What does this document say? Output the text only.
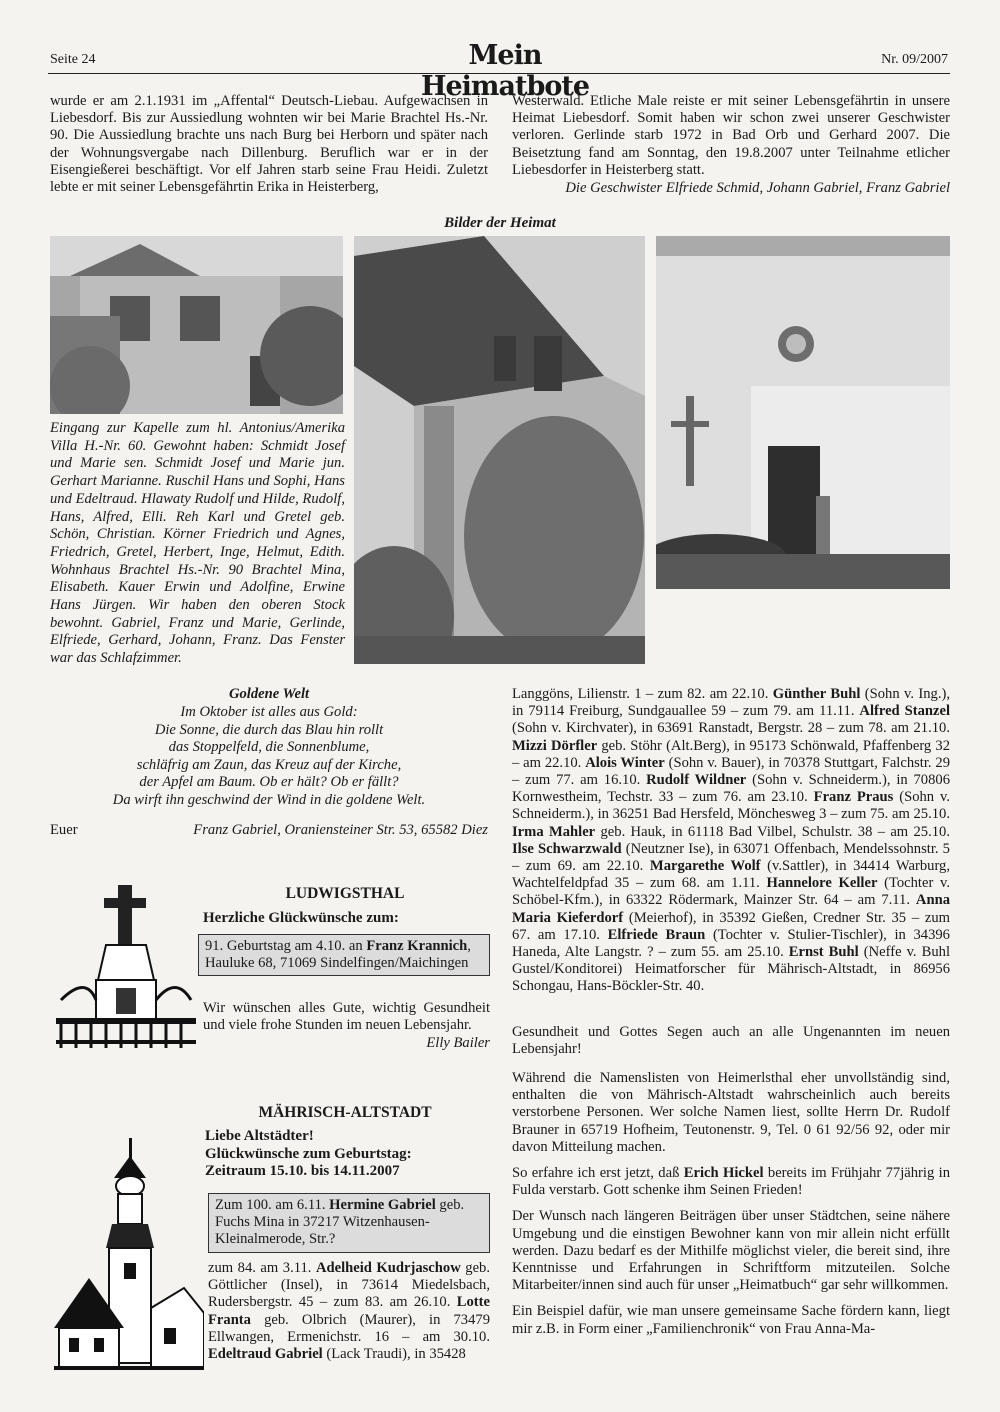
Seite 24	Mein Heimatbote
Nr. 09/2007
wurde er am 2.1.1931 im „Affental“ Deutsch-Liebau. Aufgewachsen in Liebesdorf. Bis zur Aussiedlung wohnten wir bei Marie Brachtel Hs.-Nr. 90. Die Aussiedlung brachte uns nach Burg bei Herborn und später nach der Wohnungsvergabe nach Dillenburg. Beruflich war er in der Eisengießerei beschäftigt. Vor elf Jahren starb seine Frau Heidi. Zuletzt lebte er mit seiner Lebensgefährtin Erika in Heisterberg,
Westerwald. Etliche Male reiste er mit seiner Lebensgefährtin in unsere Heimat Liebesdorf. Somit haben wir schon zwei unserer Geschwister verloren. Gerlinde starb 1972 in Bad Orb und Gerhard 2007. Die Beisetztung fand am Sonntag, den 19.8.2007 unter Teilnahme etlicher Liebesdorfer in Heisterberg statt.
Die Geschwister Elfriede Schmid, Johann Gabriel, Franz Gabriel
Bilder der Heimat
Eingang zur Kapelle zum hl. Antonius/Amerika Villa H.-Nr. 60. Gewohnt haben: Schmidt Josef und Marie sen. Schmidt Josef und Marie jun. Gerhart Marianne. Ruschil Hans und Sophi, Hans und Edeltraud. Hlawaty Rudolf und Hilde, Rudolf, Hans, Alfred, Elli. Reh Karl und Gretel geb. Schön, Christian. Körner Friedrich und Agnes, Friedrich, Gretel, Herbert, Inge, Helmut, Edith. Wohnhaus Brachtel Hs.-Nr. 90 Brachtel Mina, Elisabeth. Kauer Erwin und Adolfine, Erwine Hans Jürgen. Wir haben den oberen Stock bewohnt. Gabriel, Franz und Marie, Gerlinde, Elfriede, Gerhard, Johann, Franz. Das Fenster war das Schlafzimmer.
Goldene Welt
Im Oktober ist alles aus Gold:
Die Sonne, die durch das Blau hin rollt
das Stoppelfeld, die Sonnenblume,
schläfrig am Zaun, das Kreuz auf der Kirche,
der Apfel am Baum. Ob er hält? Ob er fällt?
Da wirft ihn geschwind der Wind in die goldene Welt.
Euer	Franz Gabriel, Oraniensteiner Str. 53, 65582 Diez
LUDWIGSTHAL
Herzliche Glückwünsche zum:
91. Geburtstag am 4.10. an Franz Krannich, Hauluke 68, 71069 Sindelfingen/Maichingen
Wir wünschen alles Gute, wichtig Gesundheit und viele frohe Stunden im neuen Lebensjahr.
Elly Bailer
MÄHRISCH-ALTSTADT
Liebe Altstädter!
Glückwünsche zum Geburtstag:
Zeitraum 15.10. bis 14.11.2007
Zum 100. am 6.11. Hermine Gabriel geb. Fuchs Mina in 37217 Witzenhausen-Kleinalmerode, Str.?
zum 84. am 3.11. Adelheid Kudrjaschow geb. Göttlicher (Insel), in 73614 Miedelsbach, Rudersbergstr. 45 – zum 83. am 26.10. Lotte Franta geb. Olbrich (Maurer), in 73479 Ellwangen, Ermenichstr. 16 – am 30.10. Edeltraud Gabriel (Lack Traudi), in 35428
Langgöns, Lilienstr. 1 – zum 82. am 22.10. Günther Buhl (Sohn v. Ing.), in 79114 Freiburg, Sundgauallee 59 – zum 79. am 11.11. Alfred Stanzel (Sohn v. Kirchvater), in 63691 Ranstadt, Bergstr. 28 – zum 78. am 21.10. Mizzi Dörfler geb. Stöhr (Alt.Berg), in 95173 Schönwald, Pfaffenberg 32 – am 22.10. Alois Winter (Sohn v. Bauer), in 70378 Stuttgart, Falchstr. 29 – zum 77. am 16.10. Rudolf Wildner (Sohn v. Schneiderm.), in 70806 Kornwestheim, Techstr. 33 – zum 76. am 23.10. Franz Praus (Sohn v. Schneiderm.), in 36251 Bad Hersfeld, Mönchesweg 3 – zum 75. am 25.10. Irma Mahler geb. Hauk, in 61118 Bad Vilbel, Schulstr. 38 – am 25.10. Ilse Schwarzwald (Neutzner Ise), in 63071 Offenbach, Mendelssohnstr. 5 – zum 69. am 22.10. Margarethe Wolf (v.Sattler), in 34414 Warburg, Wachtelfeldpfad 35 – zum 68. am 1.11. Hannelore Keller (Tochter v. Schöbel-Kfm.), in 63322 Rödermark, Mainzer Str. 64 – am 7.11. Anna Maria Kieferdorf (Meierhof), in 35392 Gießen, Credner Str. 35 – zum 67. am 17.10. Elfriede Braun (Tochter v. Stulier-Tischler), in 34396 Haneda, Alte Langstr. ? – zum 55. am 25.10. Ernst Buhl (Neffe v. Buhl Gustel/Konditorei) Heimatforscher für Mährisch-Altstadt, in 86956 Schongau, Hans-Böckler-Str. 40.
Gesundheit und Gottes Segen auch an alle Ungenannten im neuen Lebensjahr!

Während die Namenslisten von Heimerlsthal eher unvollständig sind, enthalten die von Mährisch-Altstadt wahrscheinlich auch bereits verstorbene Personen. Wer solche Namen liest, sollte Herrn Dr. Rudolf Brauner in 65719 Hofheim, Teutonenstr. 9, Tel. 0 61 92/56 92, oder mir davon Mitteilung machen.

So erfahre ich erst jetzt, daß Erich Hickel bereits im Frühjahr 77jährig in Fulda verstarb. Gott schenke ihm Seinen Frieden!

Der Wunsch nach längeren Beiträgen über unser Städtchen, seine nähere Umgebung und die einstigen Bewohner kann von mir allein nicht erfüllt werden. Dazu bedarf es der Mithilfe möglichst vieler, die bereit sind, ihre Kenntnisse und Erfahrungen in Schriftform mitzuteilen. Solche Mitarbeiter/innen sind auch für unser „Heimatbuch“ gar sehr willkommen.

Ein Beispiel dafür, wie man unsere gemeinsame Sache fördern kann, liegt mir z.B. in Form einer „Familienchronik“ von Frau Anna-Ma-
